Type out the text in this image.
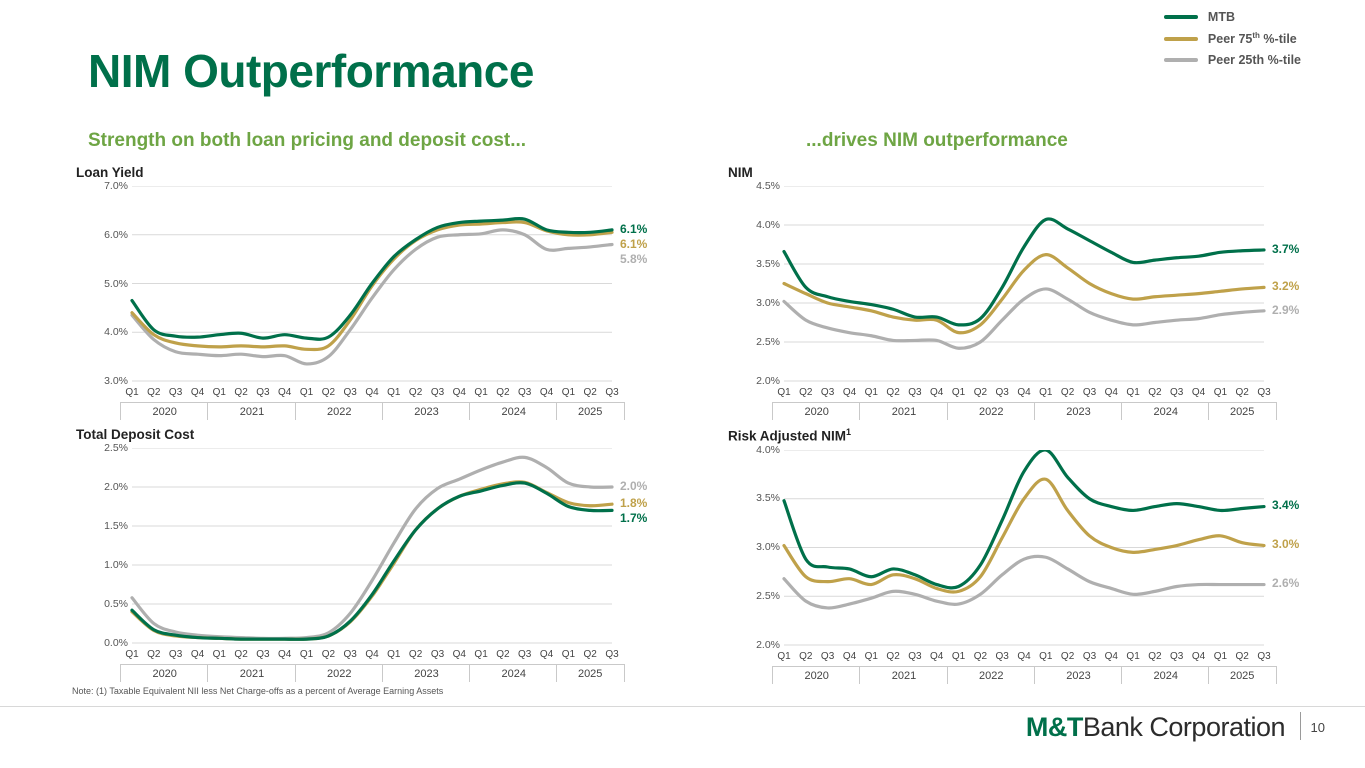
NIM Outperformance
MTB
Peer 75th %-tile
Peer 25th %-tile
Strength on both loan pricing and deposit cost...	...drives NIM outperformance
Loan Yield
3.0%
4.0%
5.0%
6.0%
7.0%
6.1%
6.1%
5.8%
Q1 Q2 Q3 Q4 Q1 Q2 Q3 Q4 Q1 Q2 Q3 Q4 Q1 Q2 Q3 Q4 Q1 Q2 Q3 Q4 Q1 Q2 Q3
2020	2021	2022	2023	2024	2025
Total Deposit Cost
0.0%
0.5%
1.0%
1.5%
2.0%
2.5%
1.7%
1.8%
2.0%
Q1 Q2 Q3 Q4 Q1 Q2 Q3 Q4 Q1 Q2 Q3 Q4 Q1 Q2 Q3 Q4 Q1 Q2 Q3 Q4 Q1 Q2 Q3
2020	2021	2022	2023	2024	2025
NIM
2.0%
2.5%
3.0%
3.5%
4.0%
4.5%
3.7%
3.2%
2.9%
Q1 Q2 Q3 Q4 Q1 Q2 Q3 Q4 Q1 Q2 Q3 Q4 Q1 Q2 Q3 Q4 Q1 Q2 Q3 Q4 Q1 Q2 Q3
2020	2021	2022	2023	2024	2025
Risk Adjusted NIM$^1$
2.0%
2.5%
3.0%
3.5%
4.0%
3.4%
3.0%
2.6%
Q1 Q2 Q3 Q4 Q1 Q2 Q3 Q4 Q1 Q2 Q3 Q4 Q1 Q2 Q3 Q4 Q1 Q2 Q3 Q4 Q1 Q2 Q3
2020	2021	2022	2023	2024	2025
Note: (1) Taxable Equivalent NII less Net Charge-offs as a percent of Average Earning Assets
M&TBank Corporation 10
